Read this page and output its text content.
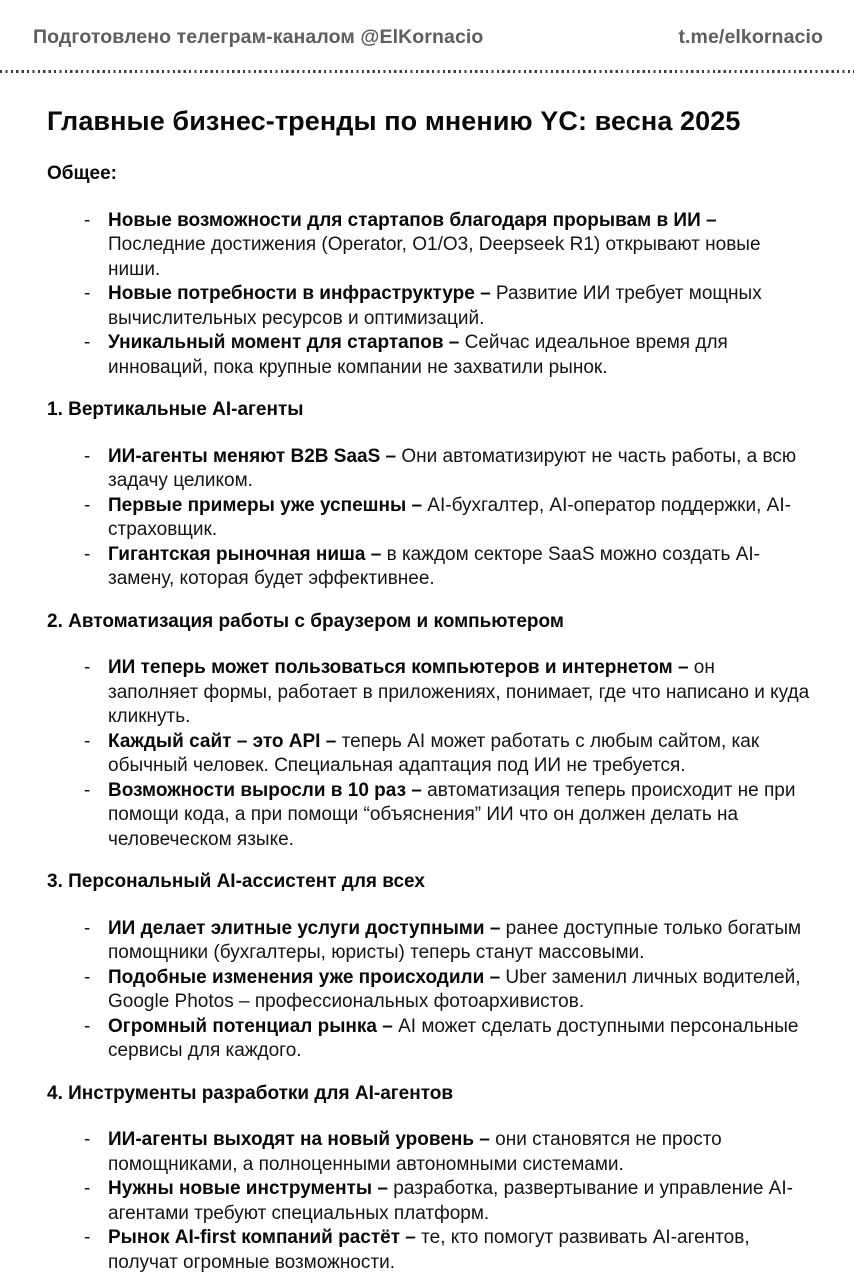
Подготовлено телеграм-каналом @ElKornacio	t.me/elkornacio
Главные бизнес-тренды по мнению YC: весна 2025
Общее:
- Новые возможности для стартапов благодаря прорывам в ИИ – Последние достижения (Operator, O1/O3, Deepseek R1) открывают новые ниши.
- Новые потребности в инфраструктуре – Развитие ИИ требует мощных вычислительных ресурсов и оптимизаций.
- Уникальный момент для стартапов – Сейчас идеальное время для инноваций, пока крупные компании не захватили рынок.
1. Вертикальные AI-агенты
- ИИ-агенты меняют B2B SaaS – Они автоматизируют не часть работы, а всю задачу целиком.
- Первые примеры уже успешны – AI-бухгалтер, AI-оператор поддержки, AI-страховщик.
- Гигантская рыночная ниша – в каждом секторе SaaS можно создать AI-замену, которая будет эффективнее.
2. Автоматизация работы с браузером и компьютером
- ИИ теперь может пользоваться компьютеров и интернетом – он заполняет формы, работает в приложениях, понимает, где что написано и куда кликнуть.
- Каждый сайт – это API – теперь AI может работать с любым сайтом, как обычный человек. Специальная адаптация под ИИ не требуется.
- Возможности выросли в 10 раз – автоматизация теперь происходит не при помощи кода, а при помощи “объяснения” ИИ что он должен делать на человеческом языке.
3. Персональный AI-ассистент для всех
- ИИ делает элитные услуги доступными – ранее доступные только богатым помощники (бухгалтеры, юристы) теперь станут массовыми.
- Подобные изменения уже происходили – Uber заменил личных водителей, Google Photos – профессиональных фотоархивистов.
- Огромный потенциал рынка – AI может сделать доступными персональные сервисы для каждого.
4. Инструменты разработки для AI-агентов
- ИИ-агенты выходят на новый уровень – они становятся не просто помощниками, а полноценными автономными системами.
- Нужны новые инструменты – разработка, развертывание и управление AI-агентами требуют специальных платформ.
- Рынок AI-first компаний растёт – те, кто помогут развивать AI-агентов, получат огромные возможности.
